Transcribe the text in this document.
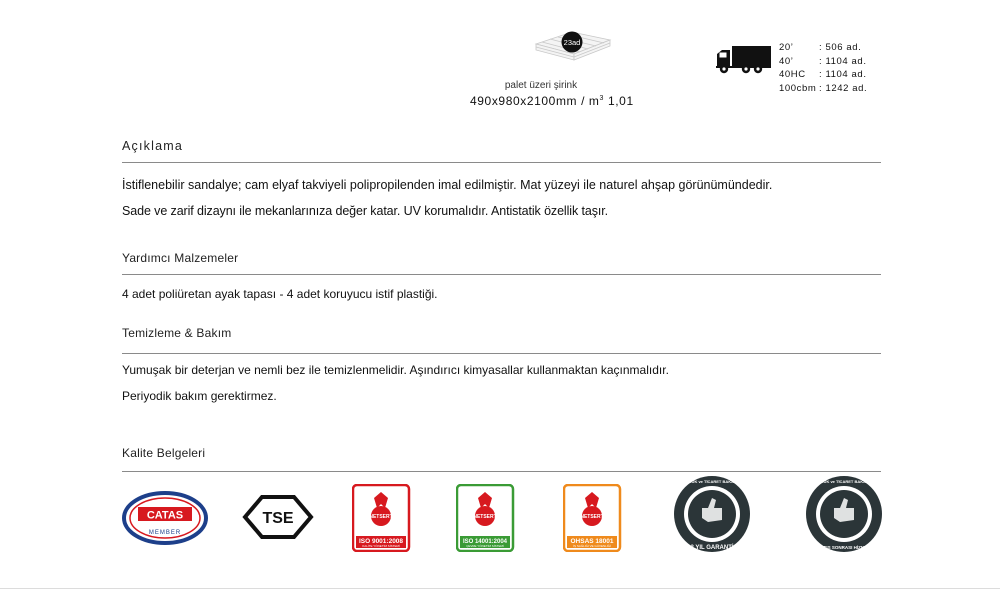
23ad
palet üzeri şirink
$490x980x2100mm / m^3$ 1,01
20’	: 506 ad.
40’	: 1104 ad.
40HC	: 1104 ad.
100cbm : 1242 ad.
Açıklama
İstiflenebilir sandalye; cam elyaf takviyeli polipropilenden imal edilmiştir. Mat yüzeyi ile naturel ahşap görünümündedir.
Sade ve zarif dizaynı ile mekanlarınıza değer katar. UV korumalıdır. Antistatik özellik taşır.
Yardımcı Malzemeler
4 adet poliüretan ayak tapası - 4 adet koruyucu istif plastiği.
Temizleme & Bakım
Yumuşak bir deterjan ve nemli bez ile temizlenmelidir. Aşındırıcı kimyasallar kullanmaktan kaçınmalıdır.
Periyodik bakım gerektirmez.
Kalite Belgeleri
CATAS
MEMBER
TSE	NETSERT
ISO 9001:2008
KALİTE YÖNETİM SİSTEMİ
NETSERT
ISO 14001:2004
ÇEVRE YÖNETİM SİSTEMİ
NETSERT
OHSAS 18001
İŞ SAĞLIĞI VE GÜVENLİĞİ
GÜMRÜK ve TİCARET BAKANLIĞI
2 YIL GARANTİ
GÜMRÜK ve TİCARET BAKANLIĞI
SATIŞ SONRASI HİZMET
